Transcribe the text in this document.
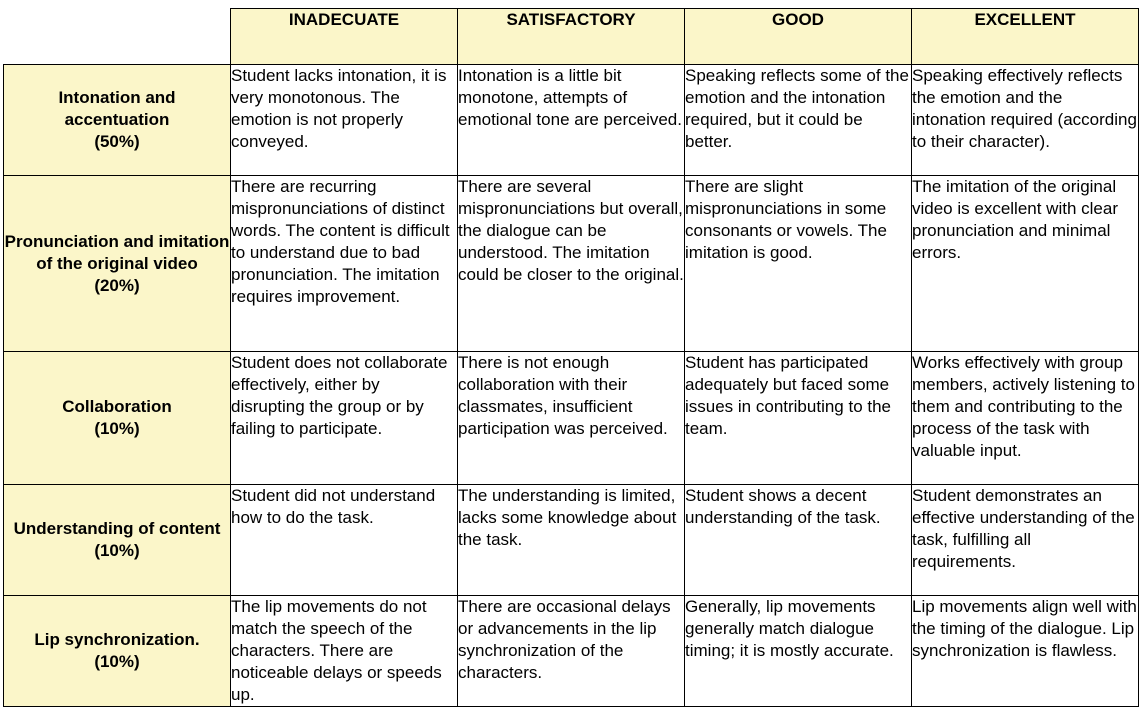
	INADECUATE	SATISFACTORY	GOOD	EXCELLENT

Intonation and accentuation
(50%)	Student lacks intonation, it is very monotonous. The emotion is not properly conveyed.	Intonation is a little bit monotone, attempts of emotional tone are perceived.	Speaking reflects some of the emotion and the intonation required, but it could be better.	Speaking effectively reflects the emotion and the intonation required (according to their character).

Pronunciation and imitation of the original video
(20%)	There are recurring mispronunciations of distinct words. The content is difficult to understand due to bad pronunciation. The imitation requires improvement.	There are several mispronunciations but overall, the dialogue can be understood. The imitation could be closer to the original.	There are slight mispronunciations in some consonants or vowels. The imitation is good.	The imitation of the original video is excellent with clear pronunciation and minimal errors.

Collaboration
(10%)	Student does not collaborate effectively, either by disrupting the group or by failing to participate.	There is not enough collaboration with their classmates, insufficient participation was perceived.	Student has participated adequately but faced some issues in contributing to the team.	Works effectively with group members, actively listening to them and contributing to the process of the task with valuable input.

Understanding of content
(10%)	Student did not understand how to do the task.	The understanding is limited, lacks some knowledge about the task.	Student shows a decent understanding of the task.	Student demonstrates an effective understanding of the task, fulfilling all requirements.

Lip synchronization.
(10%)	The lip movements do not match the speech of the characters. There are noticeable delays or speeds up.	There are occasional delays or advancements in the lip synchronization of the characters.	Generally, lip movements generally match dialogue timing; it is mostly accurate.	Lip movements align well with the timing of the dialogue. Lip synchronization is flawless.
